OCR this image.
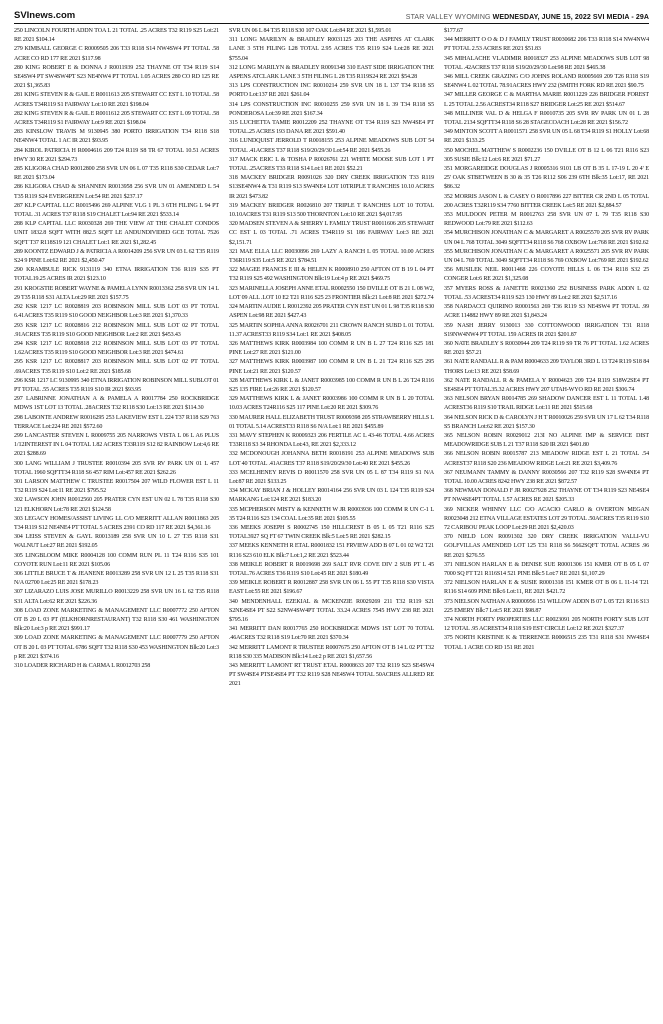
SVInews.com	STAR VALLEY WYOMING WEDNESDAY, JUNE 15, 2022 SVI MEDIA - 29A

250 LINCOLN FOURTH ADDN TOA L 21 TOTAL .25 ACRES T32 R119 S25 Lot:21 RE 2021 $104.14

279 KIMBALL GEORGE C R0009505 206 T33 R118 S14 NW4SW4 PT TOTAL .58 ACRE CO RD 177 RE 2021 $117.98

280 KING ROBERT E & DONNA J R0011939 252 THAYNE OT T34 R119 S14 SE4SW4 PT SW4SW4PT S23 NE4NW4 PT TOTAL 1.05 ACRES 280 CO RD 125 RE 2021 $1,365.83

281 KING STEVEN R & GAIL E R0011613 205 STEWART CC EST L 10 TOTAL .58 ACRES T34R119 S1 FAIRWAY Lot:10 RE 2021 $198.04

282 KING STEVEN R & GAIL E R0011612 205 STEWART CC EST L 09 TOTAL .58 ACRES T34R119 S1 FAIRWAY Lot:9 RE 2021 $198.04

283 KINSLOW TRAVIS M 9130945 380 PORTO IRRIGATION T34 R118 S18 NE4NW4 TOTAL 1 AC IR 2021 $93.95

284 KIROL PATRICIA H R0004616 209 T24 R119 S8 TR 67 TOTAL 10.51 ACRES HWY 30 RE 2021 $294.73

285 KLIGORA CHAD R0012800 258 SVR UN 06 L 07 T35 R118 S30 CEDAR Lot:7 RE 2021 $173.04

286 KLIGORA CHAD & SHANNEN R0013958 256 SVR UN 01 AMENDED L 54 T35 R119 S24 EVERGREEN Lot:54 RE 2021 $237.17

287 KLP CAPITAL LLC R0015496 269 ALPINE VLG 1 PL 3 6TH FILING L 94 PT TOTAL .31 ACRES T37 R118 S19 CHALET Lot:94 RE 2021 $533.14

288 KLP CAPITAL LLC R0030328 269 THE VIEW AT THE CHALET CONDOS UNIT 1832.8 SQFT WITH 882.5 SQFT LE ANDUNDIVIDED GCE TOTAL 7526 SQFT T37 R118S19 121 CHALET Lot:1 RE 2021 $1,282.45

289 KOONTZ EDWARD J & PATRICIA A R0014209 256 SVR UN 03 L 62 T35 R119 S24 9 PINE Lot:62 RE 2021 $2,450.47

290 KRAMBULE RICK 9131119 340 ETNA IRRIGATION T36 R119 S35 PT TOTAL19.25 ACRES IR 2021 $123.10

291 KROGSTIE ROBERT WAYNE & PAMELA LYNN R0013362 258 SVR UN 14 L 29 T35 R118 S31 ALTA Lot:29 RE 2021 $157.75

292 KSR 1217 LC R0028819 203 ROBINSON MILL SUB LOT 03 PT TOTAL 6.41ACRES T35 R119 S10 GOOD NEIGHBOR Lot:3 RE 2021 $1,370.33

293 KSR 1217 LC R0028816 212 ROBINSON MILL SUB LOT 02 PT TOTAL .91ACRES T35 R119 S10 GOOD NEIGHBOR Lot:2 RE 2021 $453.43

294 KSR 1217 LC R0028818 212 ROBINSON MILL SUB LOT 03 PT TOTAL 1.62ACRES T35 R119 S10 GOOD NEIGHBOR Lot:3 RE 2021 $474.61

295 KSR 1217 LC R0028817 203 ROBINSON MILL SUB LOT 02 PT TOTAL .69ACRES T35 R119 S10 Lot:2 RE 2021 $185.68

296 KSR 1217 LC 9130995 340 ETNA IRRIGATION ROBINSON MILL SUBLOT 01 PT TOTAL .55 ACRES T35 R119 S10 IR 2021 $93.95

297 LABRINNE JONATHAN A & PAMELA A R0017784 250 ROCKBRIDGE MDWS 1ST LOT 13 TOTAL .28ACRES T32 R118 S30 Lot:13 RE 2021 $114.30

298 LABONTE ANDREW R0016295 253 LAKEVIEW EST L 224 T37 R118 S29 763 TERRACE Lot:224 RE 2021 $572.60

299 LANCASTER STEVEN L R0009755 205 NARROWS VISTA L 06 L A6 PLUS 1/12INTEREST IN L 04 TOTAL 1.82 ACRES T33R119 S12 82 RAINBOW Lot:4,6 RE 2021 $288.69

300 LANG WILLIAM J TRUSTEE R0010394 205 SVR RV PARK UN 01 L 457 TOTAL 1960 SQFTT34 R118 S6 457 RIM Lot:457 RE 2021 $262.26

301 LARSON MATTHEW C TRUSTEE R0017504 207 WILD FLOWER EST L 11 T32 R119 S24 Lot:11 RE 2021 $795.52

302 LAWSON JOHN R0012560 205 PRATER CYN EST UN 02 L 78 T35 R118 S30 121 ELKHORN Lot:78 RE 2021 $124.58

303 LEGACY HOMES/ASSIST LIVING LL C/O MERRITT ALLAN R0011863 205 T34 R119 S12 NE4NE4 PT TOTAL 5 ACRES 2391 CO RD 117 RE 2021 $4,361.16

304 LEISS STEVEN & GAYL R0013189 258 SVR UN 10 L 27 T35 R118 S31 WALNUT Lot:27 RE 2021 $192.05

305 LINGBLOOM MIKE R0004128 100 COMM RUN PL 11 T24 R116 S35 101 COYOTE RUN Lot:11 RE 2021 $105.06

306 LITTLE BRUCE T & JEANENE R0013289 258 SVR UN 12 L 25 T35 R118 S31 N/A 02700 Lot:25 RE 2021 $178.23

307 LIZARAZO LUIS JOSE MURILLO R0013229 258 SVR UN 16 L 62 T35 R118 S31 ALTA Lot:62 RE 2021 $226.36

308 LOAD ZONE MARKETING & MANAGEMENT LLC R0007772 250 AFTON OT B 20 L 03 PT (ELKHORNRESTAURANT) T32 R118 S30 461 WASHINGTON Blk:20 Lot:3 p RE 2021 $991.17

309 LOAD ZONE MARKETING & MANAGEMENT LLC R0007779 250 AFTON OT B 20 L 03 PT TOTAL 6786 SQFT T32 R118 S30 453 WASHINGTON Blk:20 Lot:3 p RE 2021 $374.16

310 LOADER RICHARD H & CARMA L R0012703 258

SVR UN 06 L 84 T35 R118 S30 107 OAK Lot:84 RE 2021 $1,595.01

311 LONG MARILYN & BRADLEY R0031125 203 THE ASPENS AT CLARK LANE 3 5TH FILING L28 TOTAL 2.95 ACRES T35 R119 S24 Lot:28 RE 2021 $755.04

312 LONG MARILYN & BRADLEY R0091348 310 EAST SIDE IRRIGATION THE ASPENS ATCLARK LANE 3 5TH FILING L 28 T35 R119S24 RE 2021 $54.28

313 LPS CONSTRUCTION INC R0010214 259 SVR UN 18 L 137 T34 R118 S5 PORTO Lot:137 RE 2021 $261.04

314 LPS CONSTRUCTION INC R0010255 259 SVR UN 18 L 39 T34 R118 S5 PONDEROSA Lot:39 RE 2021 $167.34

315 LUCHETTA TAMIE R0012209 252 THAYNE OT T34 R119 S23 NW4SE4 PT TOTAL.25 ACRES 193 DANA RE 2021 $591.40

316 LUNDQUIST JERROLD T R0018155 253 ALPINE MEADOWS SUB LOT 54 TOTAL .41ACRES T37 R118 S19/20/29/30 Lot:54 RE 2021 $455.26

317 MACK ERIC L & TOSHA P R0026761 221 WHITE MOOSE SUB LOT 1 PT TOTAL .25ACRES T33 R118 S14 Lot:1 RE 2021 $52.21

318 MACKEY BRIDGER R0091026 320 DRY CREEK IRRIGATION T33 R119 S13SE4NW4 & T31 R119 S13 SW4NE4 LOT 10TRIPLE T RANCHES 10.10 ACRES IR 2021 $473.82

319 MACKEY BRIDGER R0026810 207 TRIPLE T RANCHES LOT 10 TOTAL 10.10ACRES T31 R119 S13 500 THORNTON Lot:10 RE 2021 $4,017.95

320 MADSEN STEVEN A & SHERRY L FAMILY TRUST R0011606 205 STEWART CC EST L 03 TOTAL .71 ACRES T34R119 S1 186 FAIRWAY Lot:3 RE 2021 $2,151.71

321 MAE ELLA LLC R0030896 269 LAZY A RANCH L 05 TOTAL 10.00 ACRES T36R119 S35 Lot:5 RE 2021 $784.51

322 MAGEE FRANCIS E III & HELEN K R0008910 250 AFTON OT B 19 L 04 PT T32 R119 S25 492 WASHINGTON Blk:19 Lot:4 p RE 2021 $469.75

323 MARINELLA JOSEPH ANNE ETAL R0002550 150 DVILLE OT B 21 L 08 W2, LOT 09 ALL .LOT 10 E2 T21 R116 S25 23 FRONTIER Blk:21 Lot:8 RE 2021 $272.74

324 MARTIN AUDIE L R0012392 205 PRATER CYN EST UN 01 L 98 T35 R118 S30 ASPEN Lot:98 RE 2021 $427.43

325 MARTIN SOPHIA ANNA R0026701 211 CROWN RANCH SUBD L 01 TOTAL 11.37 ACREST33 R119 S34 Lot:1 RE 2021 $408.05

326 MATTHEWS KIRK R0003984 100 COMM R UN B L 27 T24 R116 S25 181 PINE Lot:27 RE 2021 $121.00

327 MATTHEWS KIRK R0003987 100 COMM R UN B L 21 T24 R116 S25 295 PINE Lot:21 RE 2021 $120.57

328 MATTHEWS KIRK L & JANET R0003985 100 COMM R UN B L 26 T24 R116 S25 135 FIRE Lot:26 RE 2021 $120.57

329 MATTHEWS KIRK L & JANET R0003986 100 COMM R UN B L 20 TOTAL 10.03 ACRES T24R116 S25 117 PINE Lot:20 RE 2021 $309.76

330 MAURER HALL ELIZABETH TRUST R0009398 205 STRAWBERRY HILLS L 01 TOTAL 5.14 ACREST33 R118 S6 N/A Lot:1 RE 2021 $455.89

331 MAVY STEPHEN K R0009323 206 FERTILE AC L 43-46 TOTAL 4.66 ACRES T33R118 S3 34 RHONDA Lot:43, RE 2021 $2,333.12

332 MCDONOUGH JOHANNA BETH R0018191 253 ALPINE MEADOWS SUB LOT 40 TOTAL .41ACRES T37 R118 S19/20/29/30 Lot:40 RE 2021 $455.26

333 MCELHENEY REVIS D R0011570 258 SVR UN 05 L 87 T34 R119 S1 N/A Lot:87 RE 2021 $133.25

334 MCKAY BRIAN J & HOLLEY R0014164 256 SVR UN 03 L 124 T35 R119 S24 MARKANG Lot:124 RE 2021 $183.20

335 MCPHERSON MISTY & KENNETH W JR R0003936 100 COMM R UN C-1 L 35 T24 R116 S23 134 COAL Lot:35 RE 2021 $105.55

336 MEEKS JOSEPH S R0002745 150 HILLCREST B 05 L 05 T21 R116 S25 TOTAL3927 SQ FT 67 TWIN CREEK Blk:5 Lot:5 RE 2021 $282.15

337 MEEKS KENNETH R ETAL R0001832 151 FRVIEW ADD B 07 L 01 02 W2 T21 R116 S23 610 ELK Blk:7 Lot:1,2 RE 2021 $523.44

338 MEIKLE ROBERT R R0019698 269 SALT RVR COVE DIV 2 SUB PT L 45 TOTAL.76 ACRES T36 R119 S10 Lot:45 RE 2021 $180.49

339 MEIKLE ROBERT R R0012887 258 SVR UN 06 L 55 PT T35 R118 S30 VISTA EAST Lot:55 RE 2021 $196.67

340 MENDENHALL EZEKIAL & MCKENZIE R0029269 211 T32 R119 S21 S2NE4SE4 PT S22 S2NW4SW4PT TOTAL 33.24 ACRES 7545 HWY 238 RE 2021 $795.16

341 MERRITT DAN R0017765 250 ROCKBRIDGE MDWS 1ST LOT 70 TOTAL .46ACRES T32 R118 S19 Lot:70 RE 2021 $370.34

342 MERRITT LAMONT R TRUSTEE R0007675 250 AFTON OT B 14 L 02 PT T32 R118 S30 335 MADISON Blk:14 Lot:2 p RE 2021 $1,657.56

343 MERRITT LAMONT RT TRUST ETAL R0008633 207 T32 R119 S23 SE4SW4 PT SW4SE4 PTSE4SE4 PT T32 R119 S28 NE4SW4 TOTAL 50ACRES ALLRED RE 2021

$177.67

344 MERRITT O O & D J FAMILY TRUST R0030682 206 T33 R118 S14 NW4NW4 PT TOTAL 2.53 ACRES RE 2021 $51.83

345 MIHALACHE VLADIMIR R0018327 253 ALPINE MEADOWS SUB LOT 98 TOTAL .42ACRES T37 R118 S19/20/29/30 Lot:98 RE 2021 $465.38

346 MILL CREEK GRAZING C/O JOHNS ROLAND R0005669 209 T26 R118 S19 SE4NW4 L 02 TOTAL 78.91ACRES HWY 232 (SMITH FORK RD RE 2021 $90.75

347 MILLER GEORGE C & MARTHA MARIE R0011229 226 BRIDGER FOREST L 25 TOTAL 2.56 ACREST34 R118 S27 BRIDGER Lot:25 RE 2021 $514.67

348 MILLINER VAL D & HELGA F R0010735 205 SVR RV PARK UN 01 L 28 TOTAL 2134 SQFTT34 R118 S6 28 STAGECOACH Lot:28 RE 2021 $156.72

349 MINTON SCOTT A R0011571 258 SVR UN 05 L 68 T34 R119 S1 HOLLY Lot:68 RE 2021 $133.25

350 MOCHEL MATTHEW S R0002236 150 DVILLE OT B 12 L 06 T21 R116 S23 305 SUSIE Blk:12 Lot:6 RE 2021 $71.27

351 MORGAREIDGE DOUGLAS J R0005316 9101 LB OT B 35 L 17-19 L 20 4' E 25' OAK STBETWEEN B 30 & 35 T26 R112 S06 239 6TH Blk:35 Lot:17, RE 2021 $86.32

352 MORRIS JASON L & CASEY O R0017896 227 BITTER CR 2ND L 05 TOTAL 200 ACRES T32R119 S34 7760 BITTER CREEK Lot:5 RE 2021 $2,884.57

353 MULDOON PETER M R0012763 258 SVR UN 07 L 79 T35 R118 S30 REDWOOD Lot:79 RE 2021 $112.63

354 MURCHISON JONATHAN C & MARGARET A R0025570 205 SVR RV PARK UN 04 L 768 TOTAL 3049 SQFTT34 R118 S6 768 OXBOW Lot:768 RE 2021 $192.62

355 MURCHISON JONATHAN C & MARGARET A R0025571 205 SVR RV PARK UN 04 L 769 TOTAL 3049 SQFTT34 R118 S6 769 OXBOW Lot:769 RE 2021 $192.62

356 MUSILEK NEIL R0011468 226 COYOTE HILLS L 06 T34 R118 S32 25 CONGER Lot:6 RE 2021 $1,325.08

357 MYERS ROSS & JANETTE R0021360 252 BUSINESS PARK ADDN L 02 TOTAL .53 ACREST34 R119 S23 130 HWY 89 Lot:2 RE 2021 $2,517.16

358 NARDACCI QUIRINO R0001563 269 T36 R119 S3 NE4SW4 PT TOTAL .99 ACRE 114882 HWY 89 RE 2021 $1,843.24

359 NASH JERRY 9130013 330 COTTONWOOD IRRIGATION T31 R118 S19NW4NW4 PT TOTAL 159 ACRES IR 2021 $201.87

360 NATE BRADLEY S R0030944 209 T24 R119 S9 TR 76 PT TOTAL 1.62 ACRES RE 2021 $57.21

361 NATE RANDALL R & PAM R0004633 209 TAYLOR 3RD L 13 T24 R119 S18 84 THORS Lot:13 RE 2021 $58.69

362 NATE RANDALL R & PAMELA Y R0004623 209 T24 R119 S18W2SE4 PT SE4SE4 PT TOTAL35.32 ACRES HWY 207 UTAH-WYO RD RE 2021 $306.74

363 NELSON BRYAN R0014785 269 SHADOW DANCER EST L 11 TOTAL 1.48 ACREST36 R119 S10 TRAIL RIDGE Lot:11 RE 2021 $515.68

364 NELSON RICK D & CAROLYN J H T R0010026 259 SVR UN 17 L 62 T34 R118 S5 BRANCH Lot:62 RE 2021 $157.30

365 NELSON ROBIN R0029012 213I NO ALPINE IMP & SERVICE DIST MEADOWRIDGE SUB L 21 T37 R118 S20 IR 2021 $401.80

366 NELSON ROBIN R0015787 213 MEADOW RIDGE EST L 21 TOTAL .54 ACREST37 R118 S20 236 MEADOW RIDGE Lot:21 RE 2021 $3,409.76

367 NEUMANN TAMMY & DANNY R0030566 207 T32 R119 S28 SW4NE4 PT TOTAL 10.00 ACRES 8242 HWY 238 RE 2021 $872.57

368 NEWMAN DONALD F JR R0027928 252 THAYNE OT T34 R119 S23 NE4SE4 PT NW4SE4PT TOTAL 1.57 ACRES RE 2021 $205.33

369 NICKER WHINNY LLC C/O ACACIO CARLO & OVERTON MEGAN R0023048 212 ETNA VILLAGE ESTATES LOT 29 TOTAL .50ACRES T35 R119 S10 72 CARIBOU PEAK LOOP Lot:29 RE 2021 $2,420.03

370 NIELD LON R0091302 320 DRY CREEK IRRIGATION VALLI-VU GOLFVILLAS AMENDED LOT 125 T31 R118 S6 5662SQFT TOTAL ACRES .96 RE 2021 $276.55

371 NIELSON HARLAN E & DENISE SUE R0001306 151 KMER OT B 05 L 07 7000 SQ FT T21 R116S14 521 PINE Blk:5 Lot:7 RE 2021 $1,107.29

372 NIELSON HARLAN E & SUSIE R0001318 151 KMER OT B 06 L 11-14 T21 R116 S14 609 PINE Blk:6 Lot:11, RE 2021 $421.72

373 NIELSON NATHAN A R0000956 151 WILLOW ADDN B 07 L 05 T21 R116 S13 225 EMERY Blk:7 Lot:5 RE 2021 $98.87

374 NORTH FORTY PROPERTIES LLC R0023091 205 NORTH FORTY SUB LOT 12 TOTAL .95 ACREST34 R118 S19 EST CIRCLE Lot:12 RE 2021 $327.37

375 NORTH KRISTINE K & TERRENCE R0006515 235 T31 R118 S31 NW4SE4 TOTAL 1 ACRE CO RD 151 RE 2021
